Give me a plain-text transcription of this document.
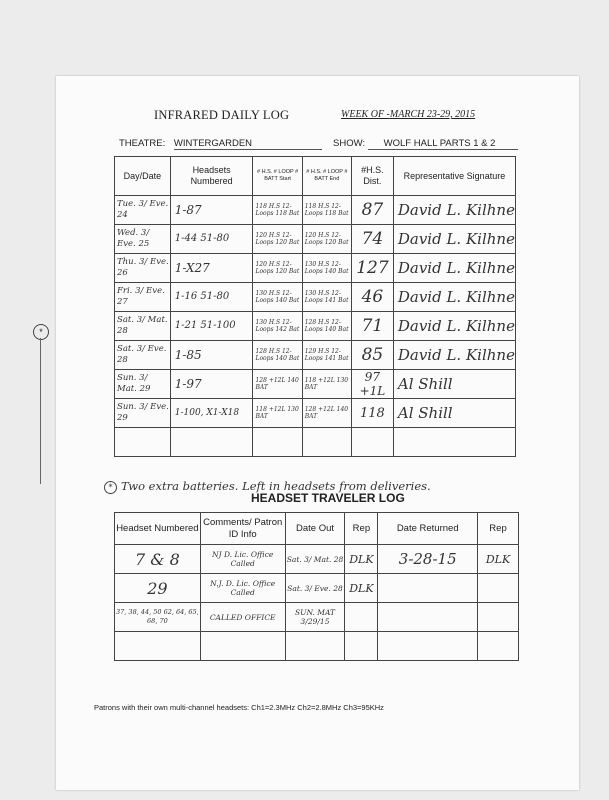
INFRARED DAILY LOG	WEEK OF -MARCH 23-29, 2015
THEATRE: WINTERGARDEN	SHOW: WOLF HALL PARTS 1 & 2
*
Day/Date	Headsets Numbered	# H.S. # LOOP # BATT Start	# H.S. # LOOP # BATT End	#H.S. Dist.	Representative Signature
Tue. 3/ Eve. 24	1-87	118 H.S 12-Loops 118 Bat	118 H.S 12-Loops 118 Bat	87	David L. Kilhne
Wed. 3/ Eve. 25	1-44 51-80	120 H.S 12-Loops 120 Bat	120 H.S 12-Loops 120 Bat	74	David L. Kilhne
Thu. 3/ Eve. 26	1-X27	120 H.S 12-Loops 120 Bat	130 H.S 12-Loops 140 Bat	127	David L. Kilhne
Fri. 3/ Eve. 27	1-16 51-80	130 H.S 12-Loops 140 Bat	130 H.S 12-Loops 141 Bat	46	David L. Kilhne
Sat. 3/ Mat. 28	1-21 51-100	130 H.S 12-Loops 142 Bat	128 H.S 12-Loops 140 Bat	71	David L. Kilhne
Sat. 3/ Eve. 28	1-85	128 H.S 12-Loops 140 Bat	129 H.S 12-Loops 141 Bat	85	David L. Kilhne
Sun. 3/ Mat. 29	1-97	128 +12L 140 BAT	118 +12L 130 BAT	97 +1L	Al Shill
Sun. 3/ Eve. 29	1-100, X1-X18	118 +12L 130 BAT	128 +12L 140 BAT	118	Al Shill

* Two extra batteries. Left in headsets from deliveries.
HEADSET TRAVELER LOG
Headset Numbered	Comments/ Patron ID Info	Date Out	Rep	Date Returned	Rep
7 & 8	NJ D. Lic. Office Called	Sat. 3/ Mat. 28	DLK	3-28-15	DLK
29	N.J. D. Lic. Office Called	Sat. 3/ Eve. 28	DLK		
37, 38, 44, 50 62, 64, 65, 68, 70	CALLED OFFICE	SUN. MAT 3/29/15			

Patrons with their own multi-channel headsets: Ch1=2.3MHz Ch2=2.8MHz Ch3=95KHz
